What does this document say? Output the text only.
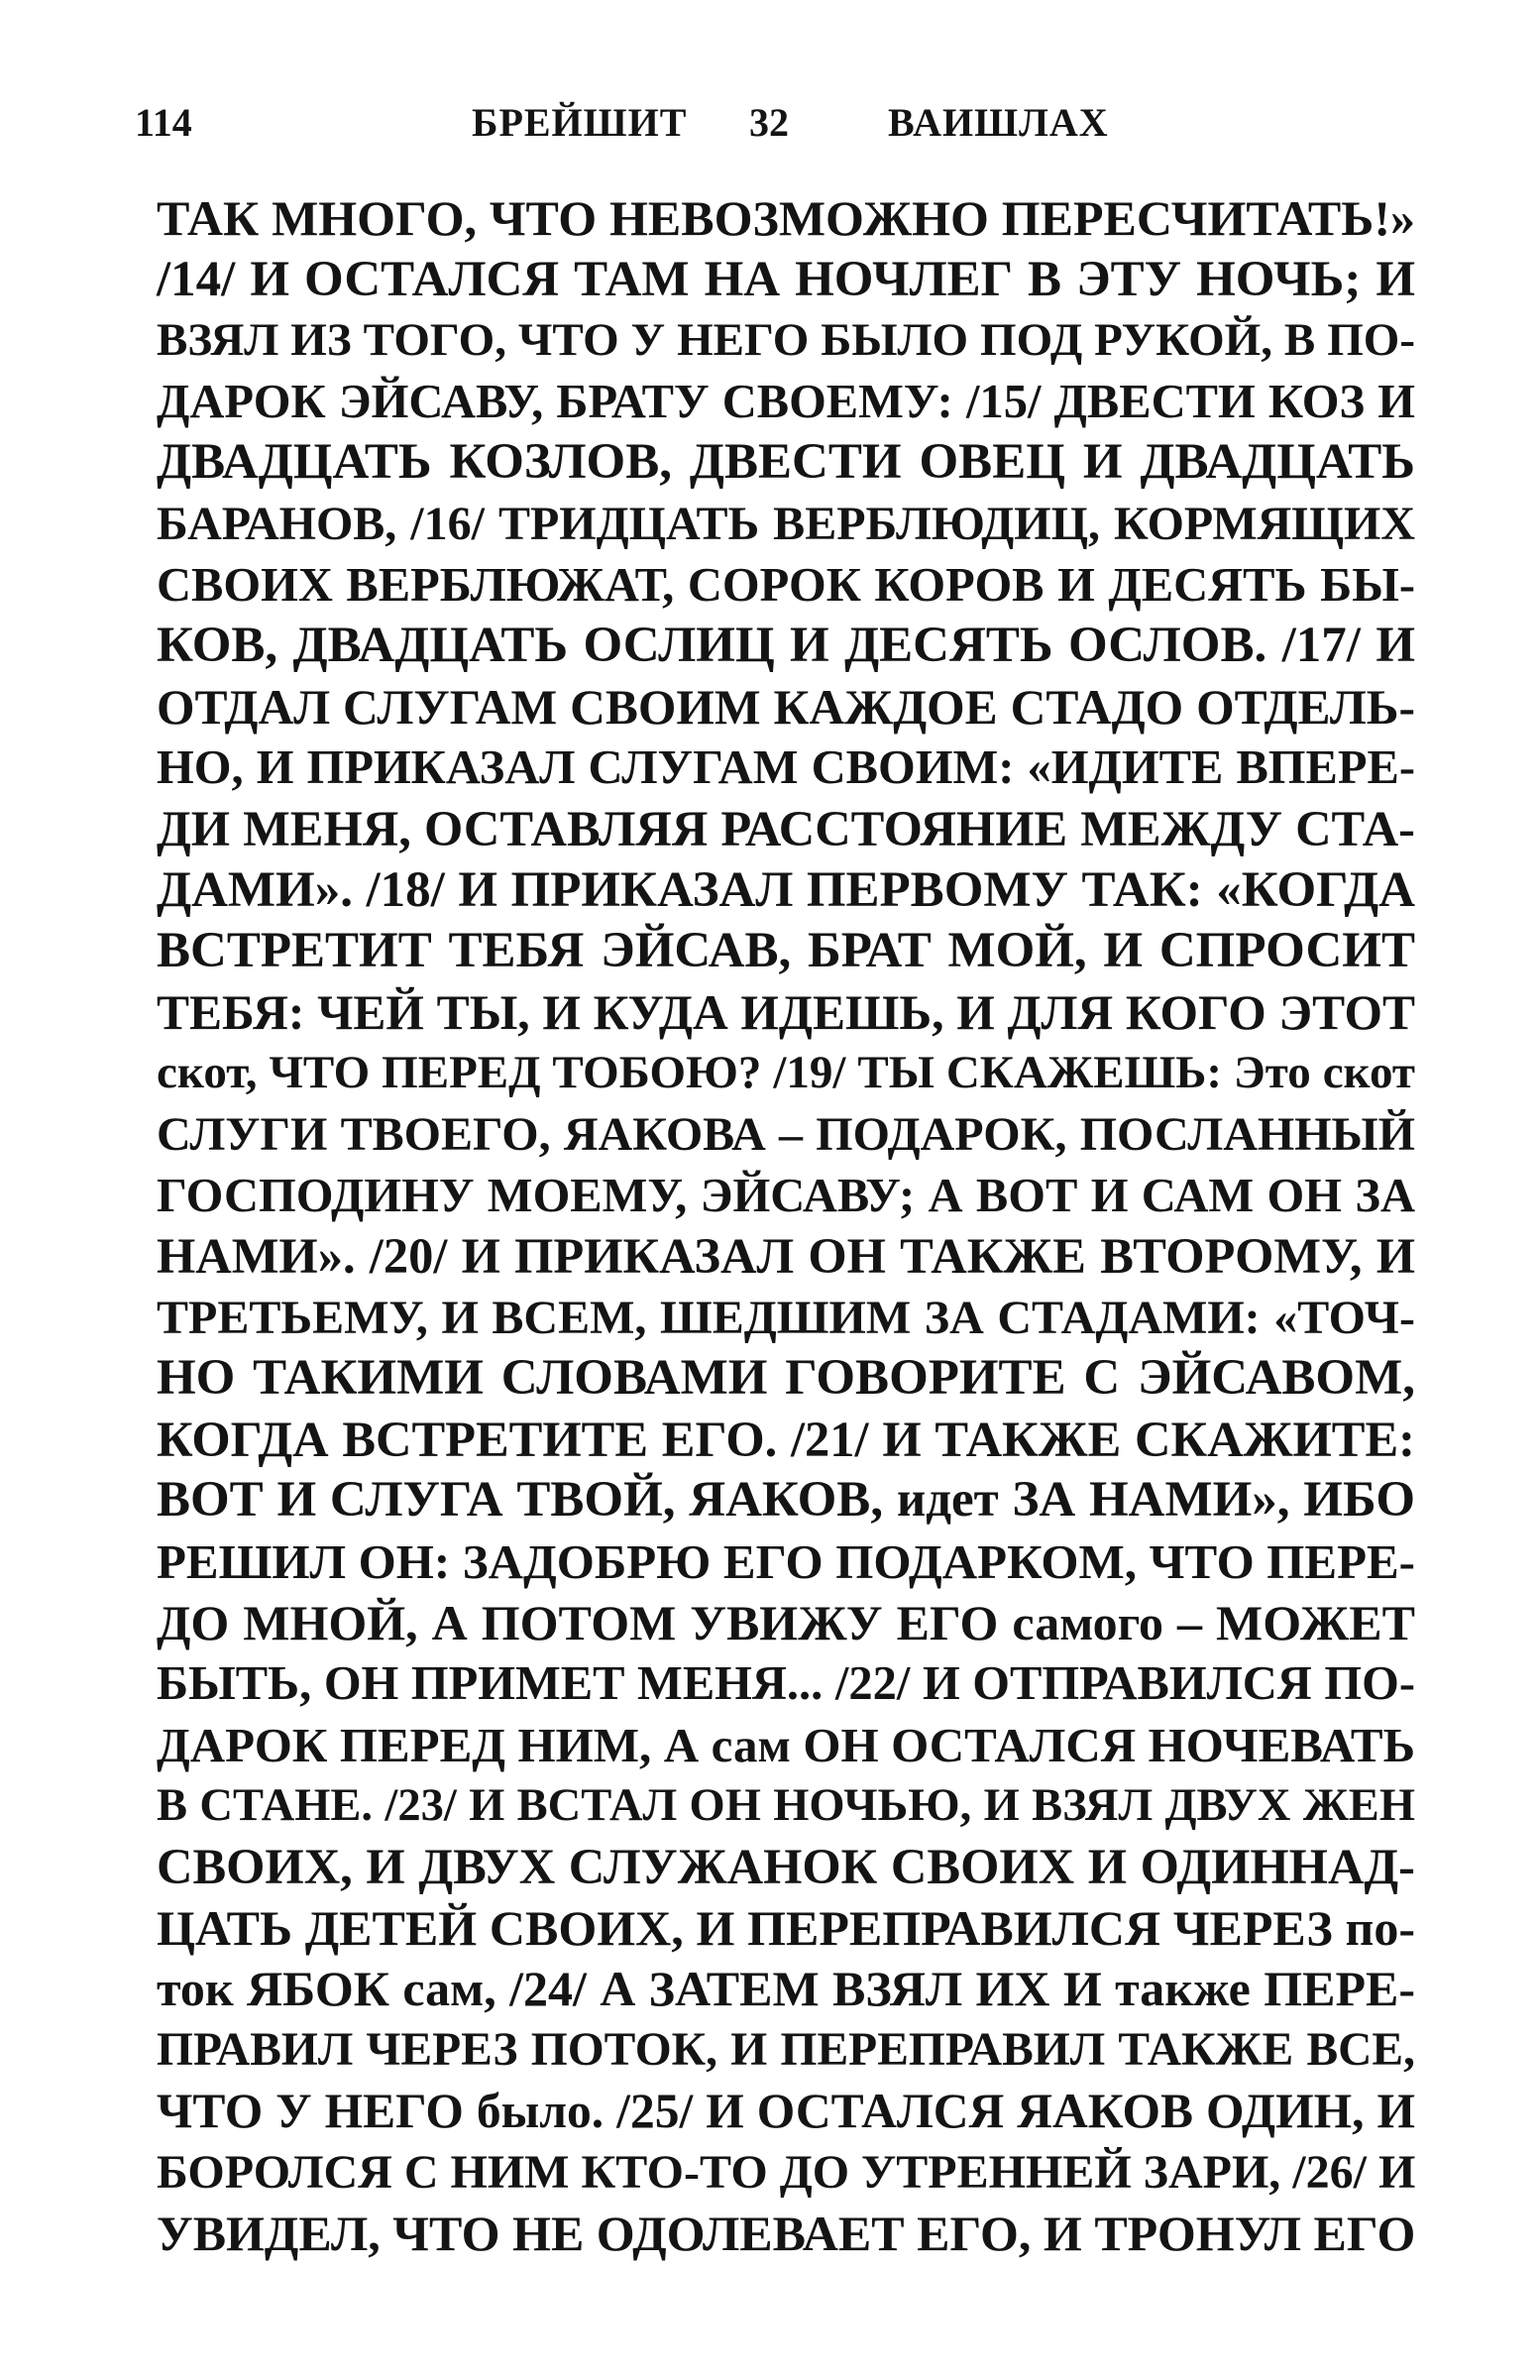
114	БРЕЙШИТ 32	ВАИШЛАХ
ТАК МНОГО, ЧТО НЕВОЗМОЖНО ПЕРЕСЧИТАТЬ!»
/14/ И ОСТАЛСЯ ТАМ НА НОЧЛЕГ В ЭТУ НОЧЬ; И
ВЗЯЛ ИЗ ТОГО, ЧТО У НЕГО БЫЛО ПОД РУКОЙ, В ПО-
ДАРОК ЭЙСАВУ, БРАТУ СВОЕМУ: /15/ ДВЕСТИ КОЗ И
ДВАДЦАТЬ КОЗЛОВ, ДВЕСТИ ОВЕЦ И ДВАДЦАТЬ
БАРАНОВ, /16/ ТРИДЦАТЬ ВЕРБЛЮДИЦ, КОРМЯЩИХ
СВОИХ ВЕРБЛЮЖАТ, СОРОК КОРОВ И ДЕСЯТЬ БЫ-
КОВ, ДВАДЦАТЬ ОСЛИЦ И ДЕСЯТЬ ОСЛОВ. /17/ И
ОТДАЛ СЛУГАМ СВОИМ КАЖДОЕ СТАДО ОТДЕЛЬ-
НО, И ПРИКАЗАЛ СЛУГАМ СВОИМ: «ИДИТЕ ВПЕРЕ-
ДИ МЕНЯ, ОСТАВЛЯЯ РАССТОЯНИЕ МЕЖДУ СТА-
ДАМИ». /18/ И ПРИКАЗАЛ ПЕРВОМУ ТАК: «КОГДА
ВСТРЕТИТ ТЕБЯ ЭЙСАВ, БРАТ МОЙ, И СПРОСИТ
ТЕБЯ: ЧЕЙ ТЫ, И КУДА ИДЕШЬ, И ДЛЯ КОГО ЭТОТ
скот, ЧТО ПЕРЕД ТОБОЮ? /19/ ТЫ СКАЖЕШЬ: Это скот
СЛУГИ ТВОЕГО, ЯАКОВА – ПОДАРОК, ПОСЛАННЫЙ
ГОСПОДИНУ МОЕМУ, ЭЙСАВУ; А ВОТ И САМ ОН ЗА
НАМИ». /20/ И ПРИКАЗАЛ ОН ТАКЖЕ ВТОРОМУ, И
ТРЕТЬЕМУ, И ВСЕМ, ШЕДШИМ ЗА СТАДАМИ: «ТОЧ-
НО ТАКИМИ СЛОВАМИ ГОВОРИТЕ С ЭЙСАВОМ,
КОГДА ВСТРЕТИТЕ ЕГО. /21/ И ТАКЖЕ СКАЖИТЕ:
ВОТ И СЛУГА ТВОЙ, ЯАКОВ, идет ЗА НАМИ», ИБО
РЕШИЛ ОН: ЗАДОБРЮ ЕГО ПОДАРКОМ, ЧТО ПЕРЕ-
ДО МНОЙ, А ПОТОМ УВИЖУ ЕГО самого – МОЖЕТ
БЫТЬ, ОН ПРИМЕТ МЕНЯ... /22/ И ОТПРАВИЛСЯ ПО-
ДАРОК ПЕРЕД НИМ, А сам ОН ОСТАЛСЯ НОЧЕВАТЬ
В СТАНЕ. /23/ И ВСТАЛ ОН НОЧЬЮ, И ВЗЯЛ ДВУХ ЖЕН
СВОИХ, И ДВУХ СЛУЖАНОК СВОИХ И ОДИННАД-
ЦАТЬ ДЕТЕЙ СВОИХ, И ПЕРЕПРАВИЛСЯ ЧЕРЕЗ по-
ток ЯБОК сам, /24/ А ЗАТЕМ ВЗЯЛ ИХ И также ПЕРЕ-
ПРАВИЛ ЧЕРЕЗ ПОТОК, И ПЕРЕПРАВИЛ ТАКЖЕ ВСЕ,
ЧТО У НЕГО было. /25/ И ОСТАЛСЯ ЯАКОВ ОДИН, И
БОРОЛСЯ С НИМ КТО-ТО ДО УТРЕННЕЙ ЗАРИ, /26/ И
УВИДЕЛ, ЧТО НЕ ОДОЛЕВАЕТ ЕГО, И ТРОНУЛ ЕГО
